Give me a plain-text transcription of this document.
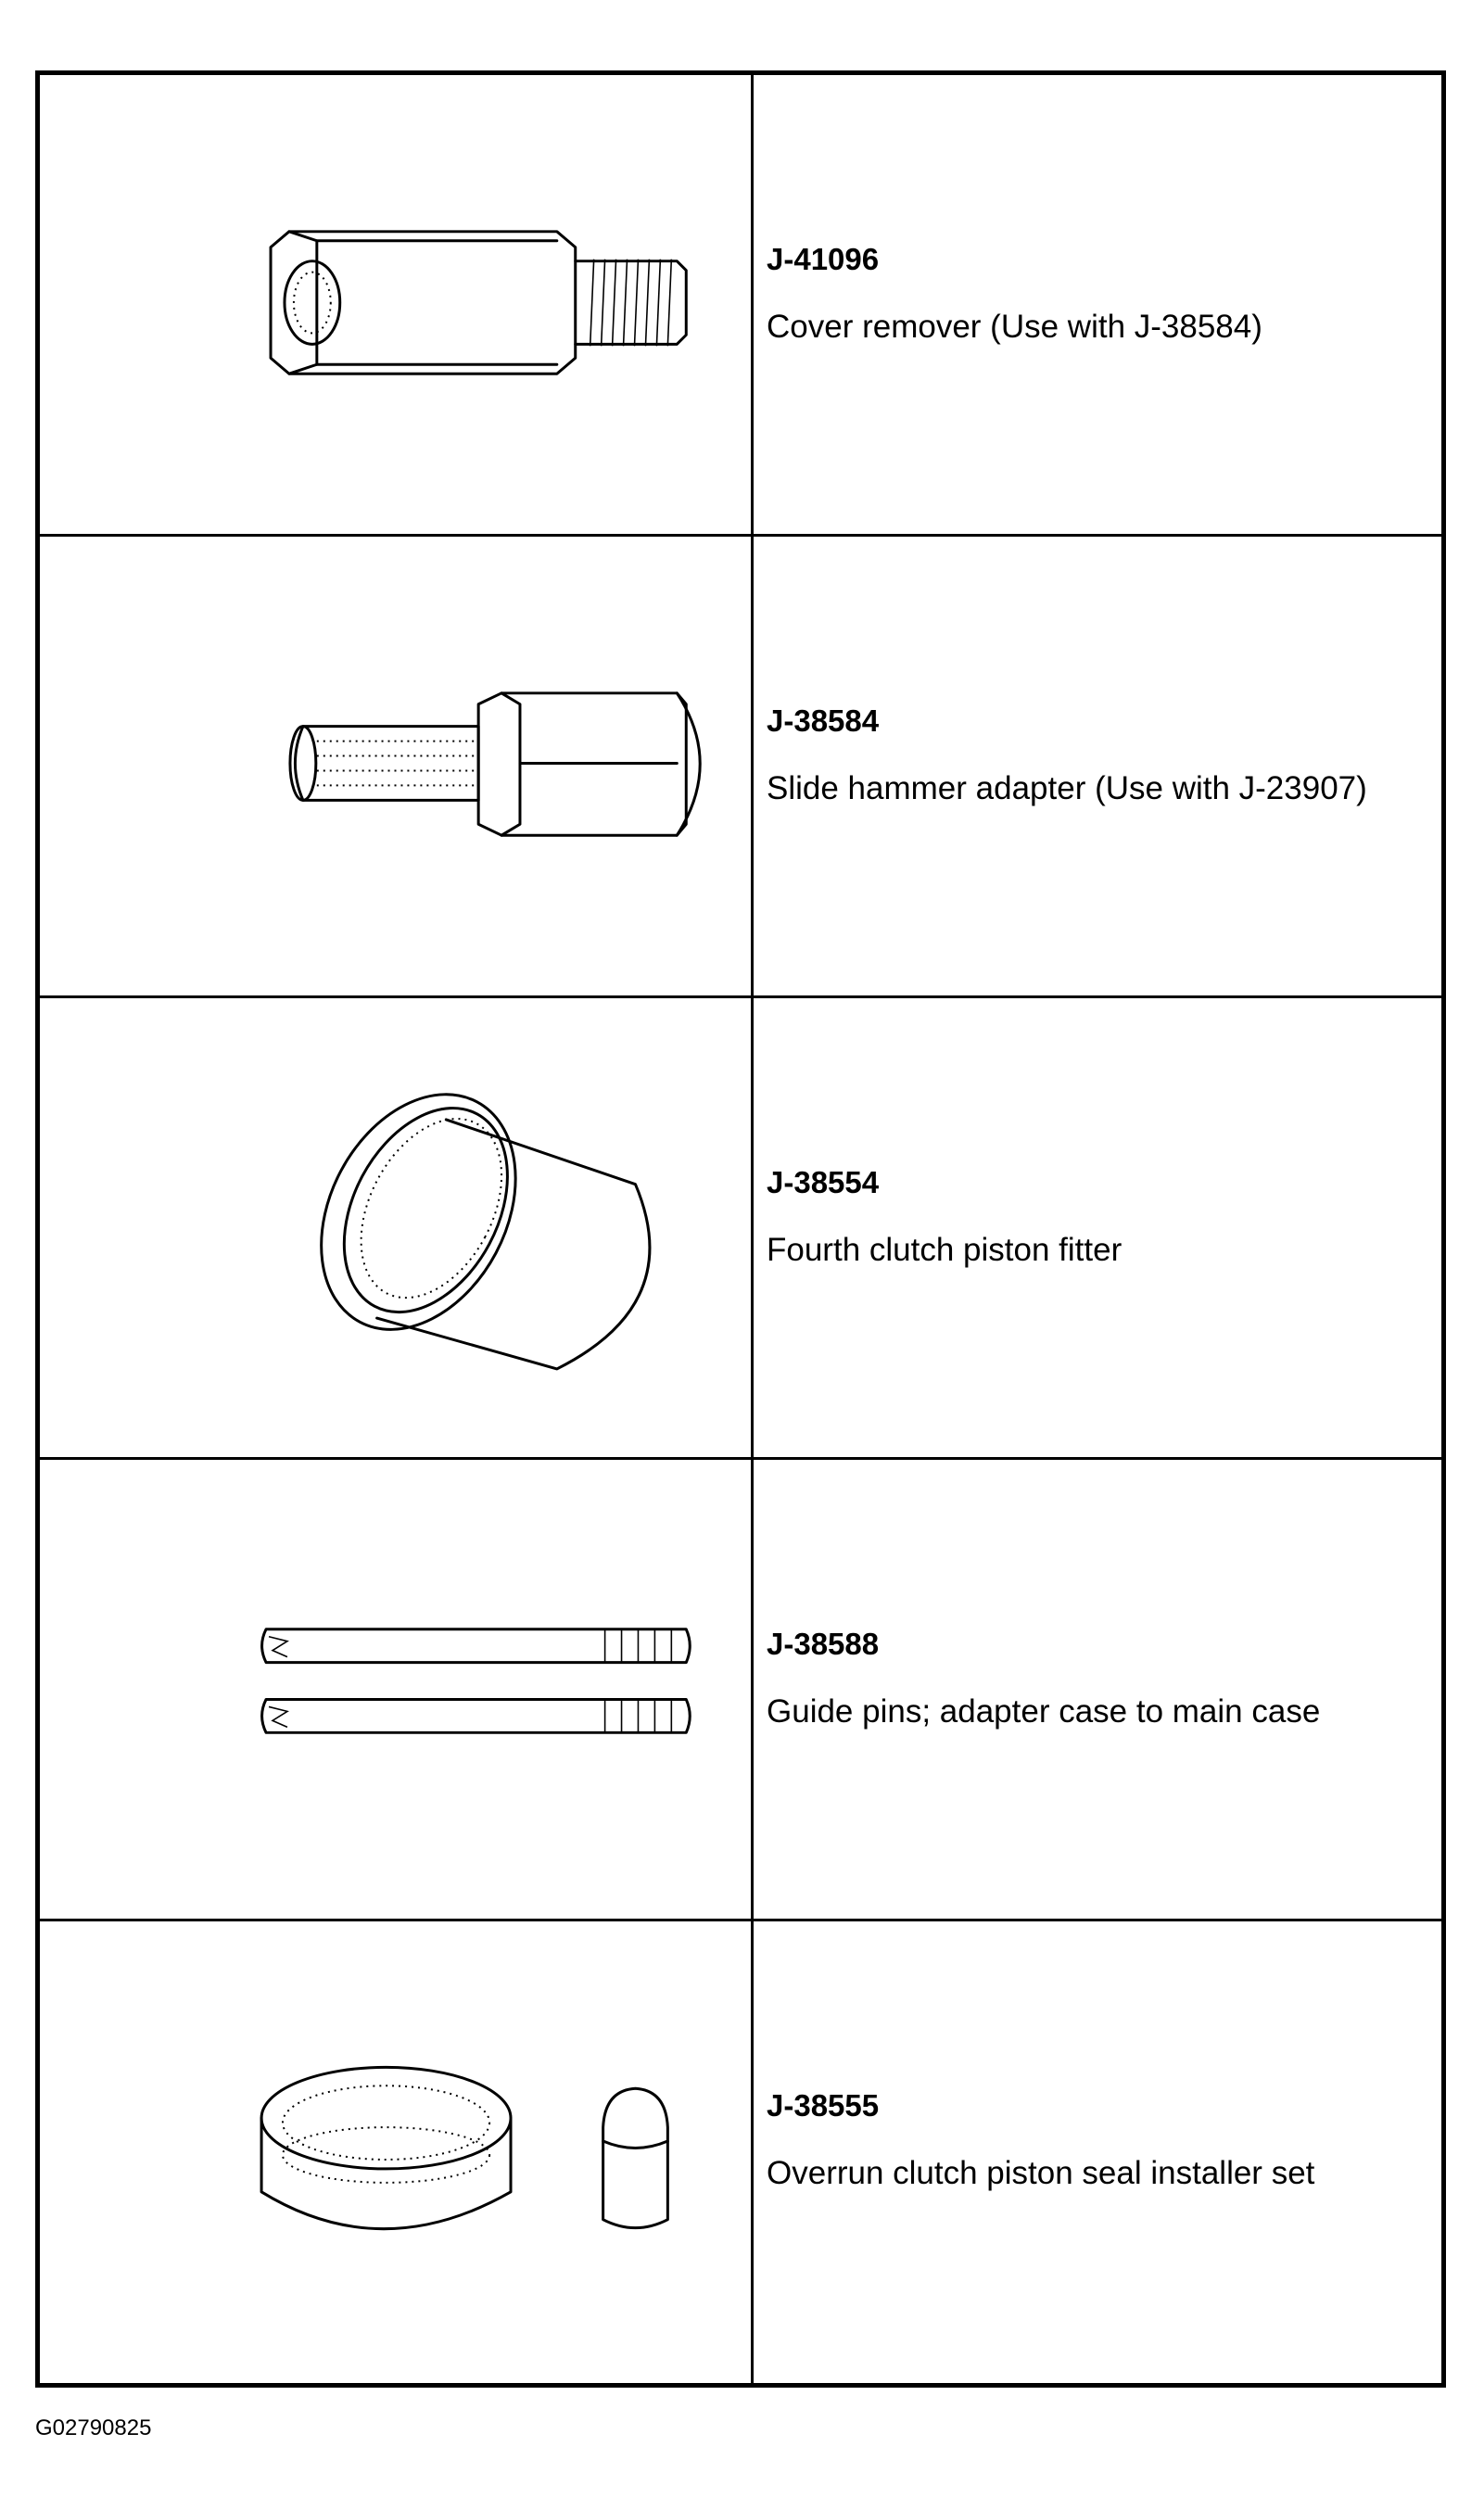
J-41096
Cover remover (Use with J-38584)
J-38584
Slide hammer adapter (Use with J-23907)
J-38554
Fourth clutch piston fitter
J-38588
Guide pins; adapter case to main case
J-38555
Overrun clutch piston seal installer set
G02790825
